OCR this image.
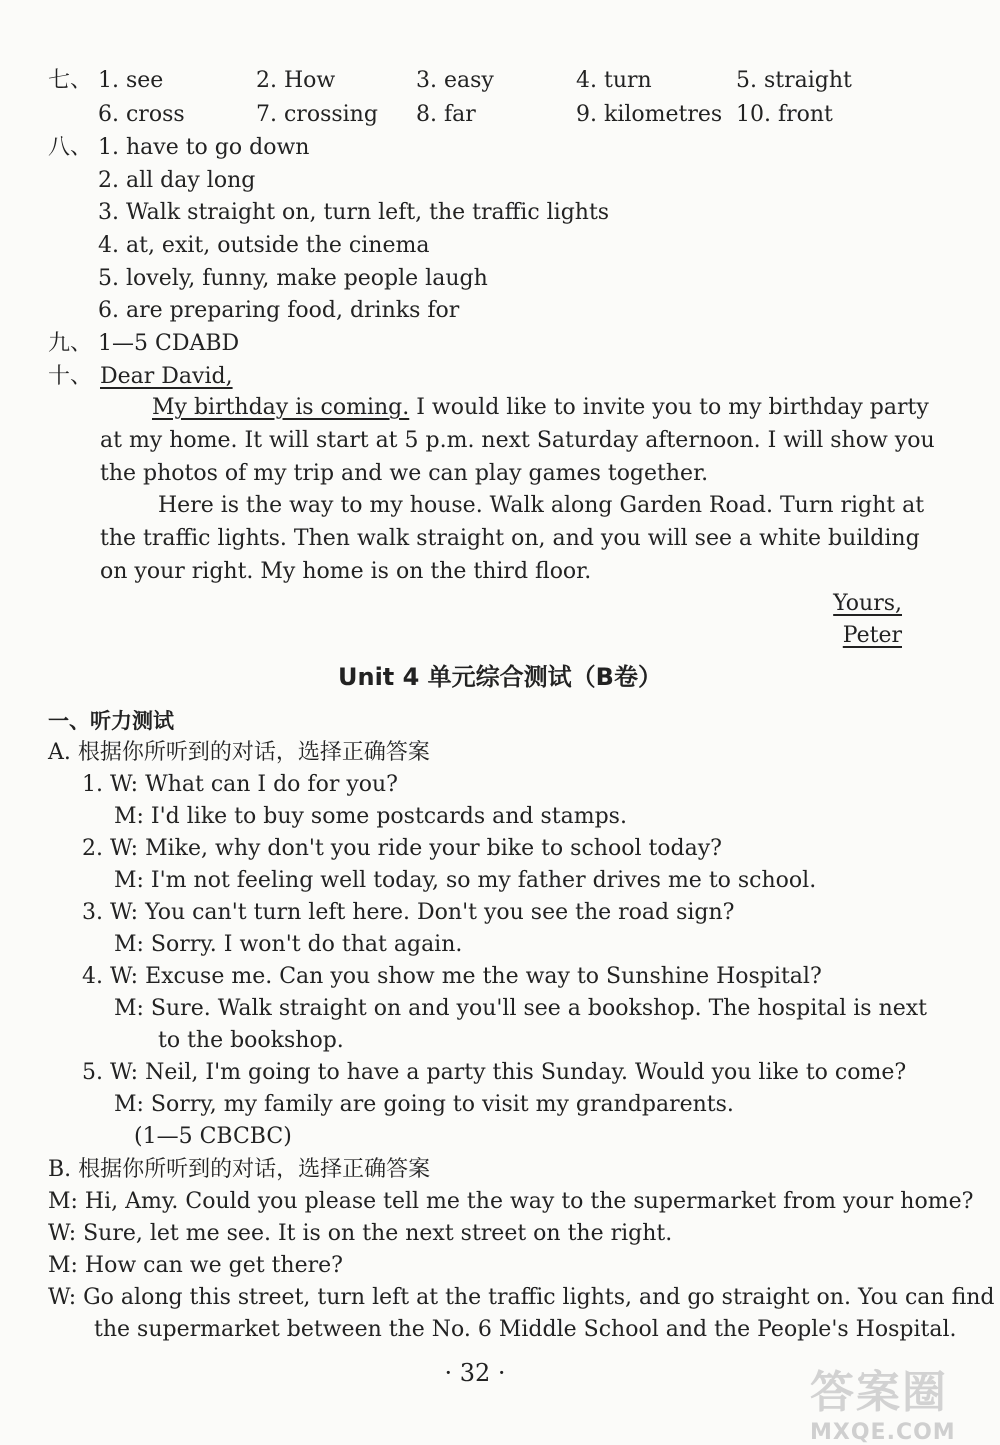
七、 1. see	2. How	3. easy	4. turn	5. straight
6. cross	7. crossing 8. far	9. kilometres 10. front
八、 1. have to go down
2. all day long
3. Walk straight on, turn left, the traffic lights
4. at, exit, outside the cinema
5. lovely, funny, make people laugh
6. are preparing food, drinks for
九、 1—5 CDABD
十、 Dear David,
My birthday is coming. I would like to invite you to my birthday party
at my home. It will start at 5 p.m. next Saturday afternoon. I will show you
the photos of my trip and we can play games together.
Here is the way to my house. Walk along Garden Road. Turn right at
the traffic lights. Then walk straight on, and you will see a white building
on your right. My home is on the third floor.
Yours,
Peter
Unit 4 单元综合测试（B卷）
一、听力测试
A. 根据你所听到的对话，选择正确答案
1. W: What can I do for you?
M: I'd like to buy some postcards and stamps.
2. W: Mike, why don't you ride your bike to school today?
M: I'm not feeling well today, so my father drives me to school.
3. W: You can't turn left here. Don't you see the road sign?
M: Sorry. I won't do that again.
4. W: Excuse me. Can you show me the way to Sunshine Hospital?
M: Sure. Walk straight on and you'll see a bookshop. The hospital is next
to the bookshop.
5. W: Neil, I'm going to have a party this Sunday. Would you like to come?
M: Sorry, my family are going to visit my grandparents.
(1—5 CBCBC)
B. 根据你所听到的对话，选择正确答案
M: Hi, Amy. Could you please tell me the way to the supermarket from your home?
W: Sure, let me see. It is on the next street on the right.
M: How can we get there?
W: Go along this street, turn left at the traffic lights, and go straight on. You can find
the supermarket between the No. 6 Middle School and the People's Hospital.
· 32 ·	答案圈
MXQE.COM
